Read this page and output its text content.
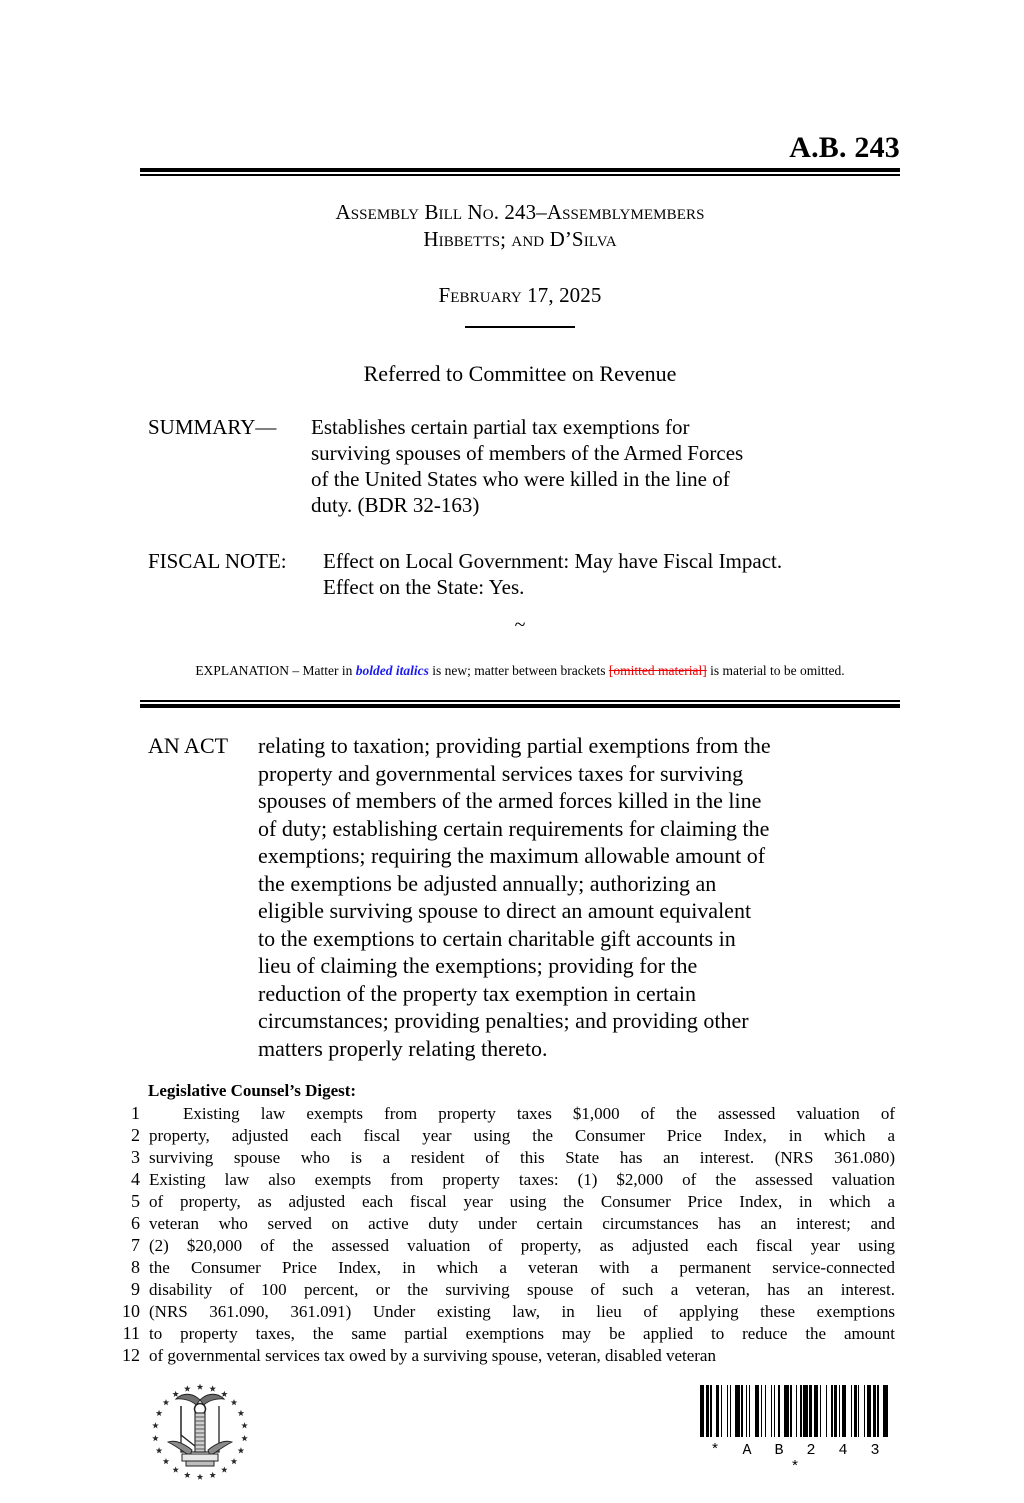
A.B. 243
Assembly Bill No. 243–Assemblymembers
Hibbetts; and D’Silva
February 17, 2025
Referred to Committee on Revenue
SUMMARY— Establishes certain partial tax exemptions for
surviving spouses of members of the Armed Forces
of the United States who were killed in the line of
duty. (BDR 32-163)
FISCAL NOTE: Effect on Local Government: May have Fiscal Impact.
Effect on the State: Yes.
~
EXPLANATION – Matter in bolded italics is new; matter between brackets [omitted material] is material to be omitted.
AN ACT relating to taxation; providing partial exemptions from the
property and governmental services taxes for surviving
spouses of members of the armed forces killed in the line
of duty; establishing certain requirements for claiming the
exemptions; requiring the maximum allowable amount of
the exemptions be adjusted annually; authorizing an
eligible surviving spouse to direct an amount equivalent
to the exemptions to certain charitable gift accounts in
lieu of claiming the exemptions; providing for the
reduction of the property tax exemption in certain
circumstances; providing penalties; and providing other
matters properly relating thereto.
Legislative Counsel’s Digest:
1	Existing law exempts from property taxes $1,000 of the assessed valuation of
2 property, adjusted each fiscal year using the Consumer Price Index, in which a
3 surviving spouse who is a resident of this State has an interest. (NRS 361.080)
4 Existing law also exempts from property taxes: (1) $2,000 of the assessed valuation
5 of property, as adjusted each fiscal year using the Consumer Price Index, in which a
6 veteran who served on active duty under certain circumstances has an interest; and
7 (2) $20,000 of the assessed valuation of property, as adjusted each fiscal year using
8 the Consumer Price Index, in which a veteran with a permanent service-connected
9 disability of 100 percent, or the surviving spouse of such a veteran, has an interest.
10 (NRS 361.090, 361.091) Under existing law, in lieu of applying these exemptions
11 to property taxes, the same partial exemptions may be applied to reduce the amount
12 of governmental services tax owed by a surviving spouse, veteran, disabled veteran
* A B 2 4 3 *
